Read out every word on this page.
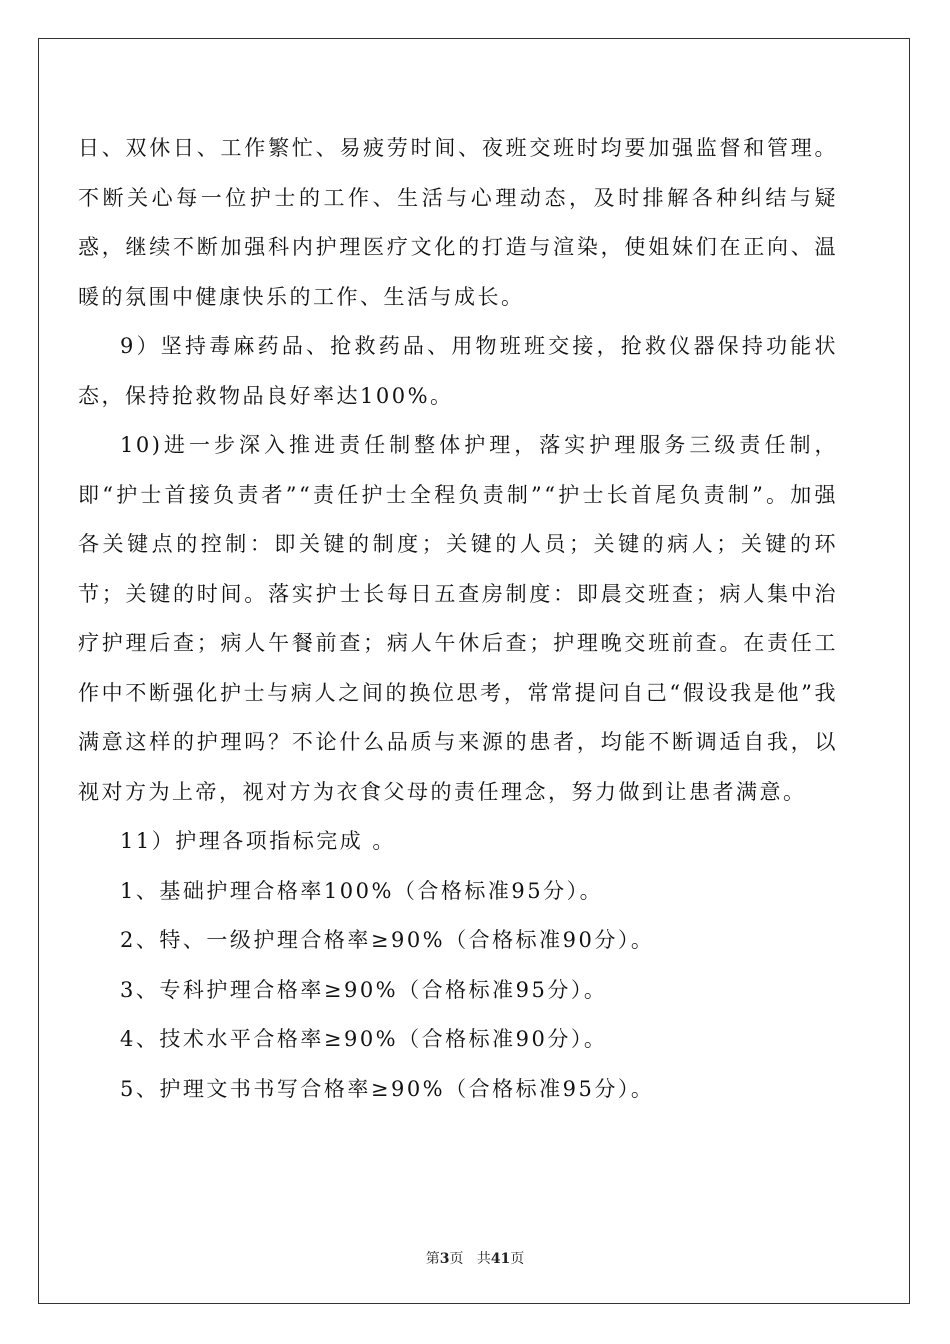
日、双休日、工作繁忙、易疲劳时间、夜班交班时均要加强监督和管理。不断关心每一位护士的工作、生活与心理动态，及时排解各种纠结与疑惑，继续不断加强科内护理医疗文化的打造与渲染，使姐妹们在正向、温暖的氛围中健康快乐的工作、生活与成长。

9）坚持毒麻药品、抢救药品、用物班班交接，抢救仪器保持功能状态，保持抢救物品良好率达100%。

10)进一步深入推进责任制整体护理，落实护理服务三级责任制，即“护士首接负责者”“责任护士全程负责制”“护士长首尾负责制”。加强各关键点的控制：即关键的制度；关键的人员；关键的病人；关键的环节；关键的时间。落实护士长每日五查房制度：即晨交班查；病人集中治疗护理后查；病人午餐前查；病人午休后查；护理晚交班前查。在责任工作中不断强化护士与病人之间的换位思考，常常提问自己“假设我是他”我满意这样的护理吗？不论什么品质与来源的患者，均能不断调适自我，以视对方为上帝，视对方为衣食父母的责任理念，努力做到让患者满意。

11）护理各项指标完成 。

1、基础护理合格率100%（合格标准95分）。

2、特、一级护理合格率≥90%（合格标准90分）。

3、专科护理合格率≥90%（合格标准95分）。

4、技术水平合格率≥90%（合格标准90分）。

5、护理文书书写合格率≥90%（合格标准95分）。

第3页 共41页
